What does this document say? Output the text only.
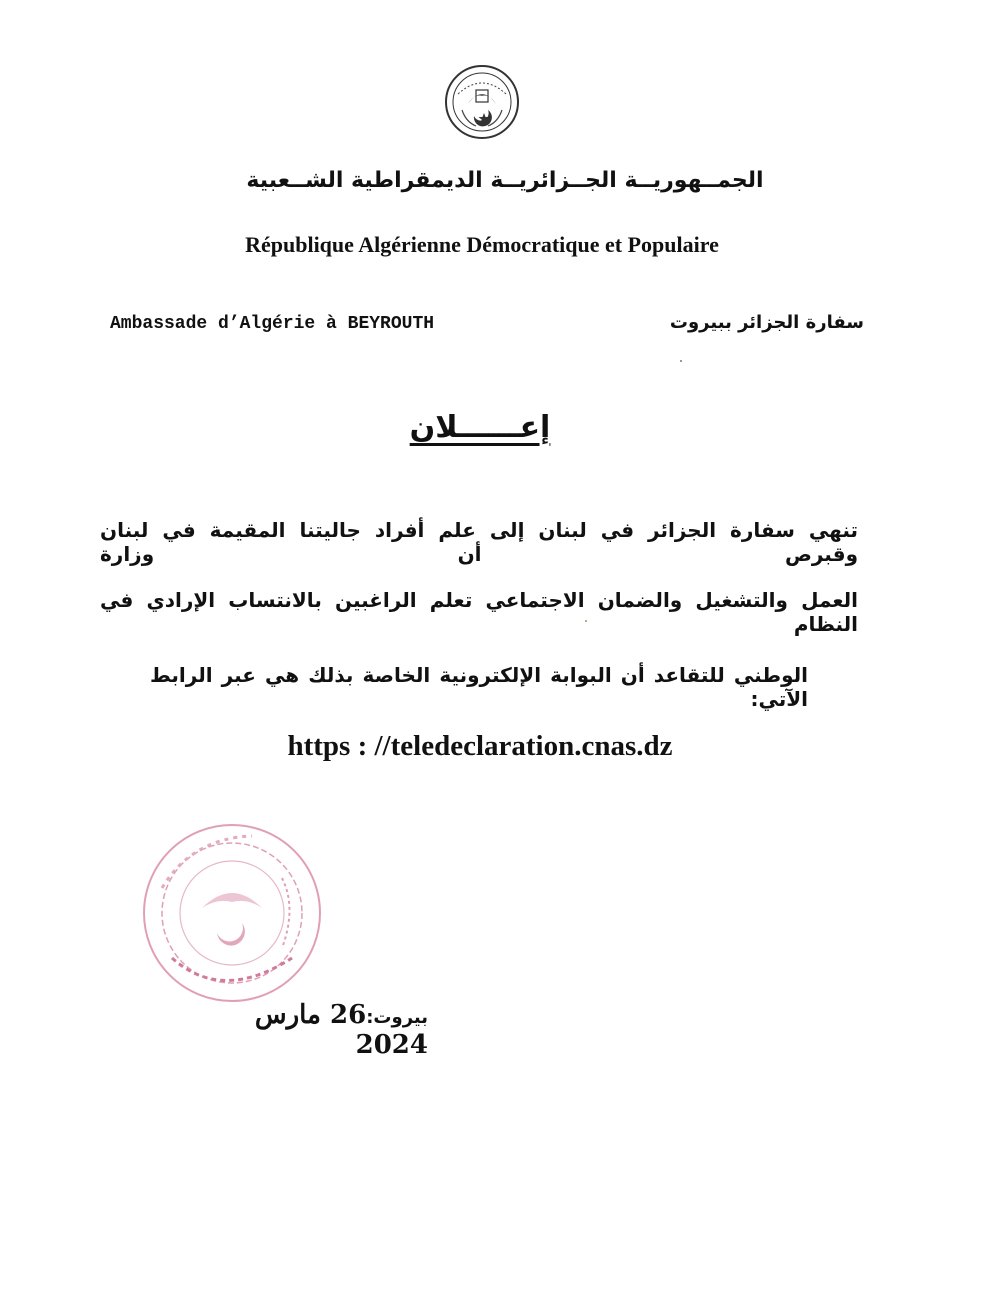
الجمــهوريــة الجــزائريــة الديمقراطية الشــعبية
République Algérienne Démocratique et Populaire
Ambassade d’Algérie à BEYROUTH	سفارة الجزائر ببيروت
إعــــــلان
تنهي سفارة الجزائر في لبنان إلى علم أفراد جاليتنا المقيمة في لبنان وقبرص أن وزارة
العمل والتشغيل والضمان الاجتماعي تعلم الراغبين بالانتساب الإرادي في النظام
الوطني للتقاعد أن البوابة الإلكترونية الخاصة بذلك هي عبر الرابط الآتي:
https : //teledeclaration.cnas.dz
بيروت:26 مارس 2024
